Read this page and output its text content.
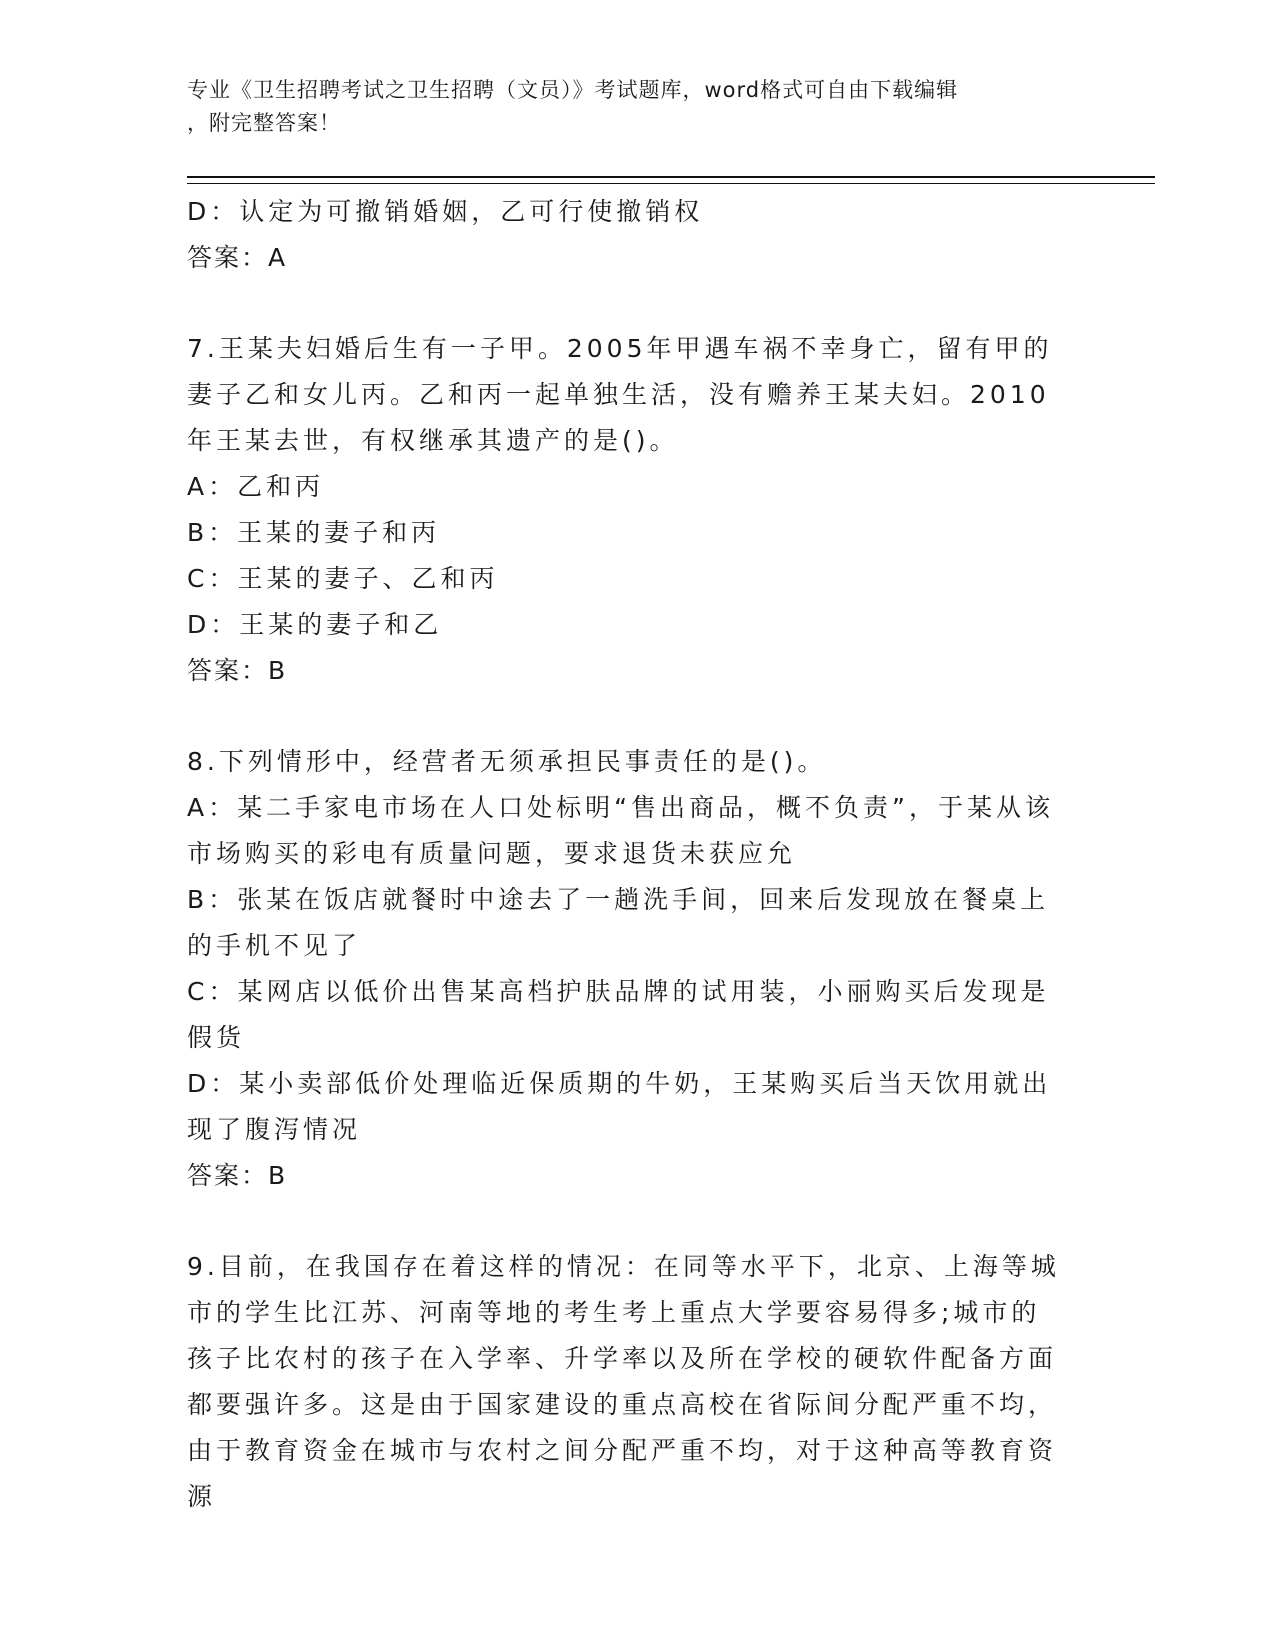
专业《卫生招聘考试之卫生招聘（文员）》考试题库，word格式可自由下载编辑
，附完整答案！
D：认定为可撤销婚姻，乙可行使撤销权
答案：A
7.王某夫妇婚后生有一子甲。2005年甲遇车祸不幸身亡，留有甲的妻子乙和女儿丙。乙和丙一起单独生活，没有赡养王某夫妇。2010年王某去世，有权继承其遗产的是()。
A：乙和丙
B：王某的妻子和丙
C：王某的妻子、乙和丙
D：王某的妻子和乙
答案：B
8.下列情形中，经营者无须承担民事责任的是()。
A：某二手家电市场在人口处标明“售出商品，概不负责”，于某从该市场购买的彩电有质量问题，要求退货未获应允
B：张某在饭店就餐时中途去了一趟洗手间，回来后发现放在餐桌上的手机不见了
C：某网店以低价出售某高档护肤品牌的试用装，小丽购买后发现是假货
D：某小卖部低价处理临近保质期的牛奶，王某购买后当天饮用就出现了腹泻情况
答案：B
9.目前，在我国存在着这样的情况：在同等水平下，北京、上海等城市的学生比江苏、河南等地的考生考上重点大学要容易得多;城市的孩子比农村的孩子在入学率、升学率以及所在学校的硬软件配备方面都要强许多。这是由于国家建设的重点高校在省际间分配严重不均，由于教育资金在城市与农村之间分配严重不均，对于这种高等教育资源
